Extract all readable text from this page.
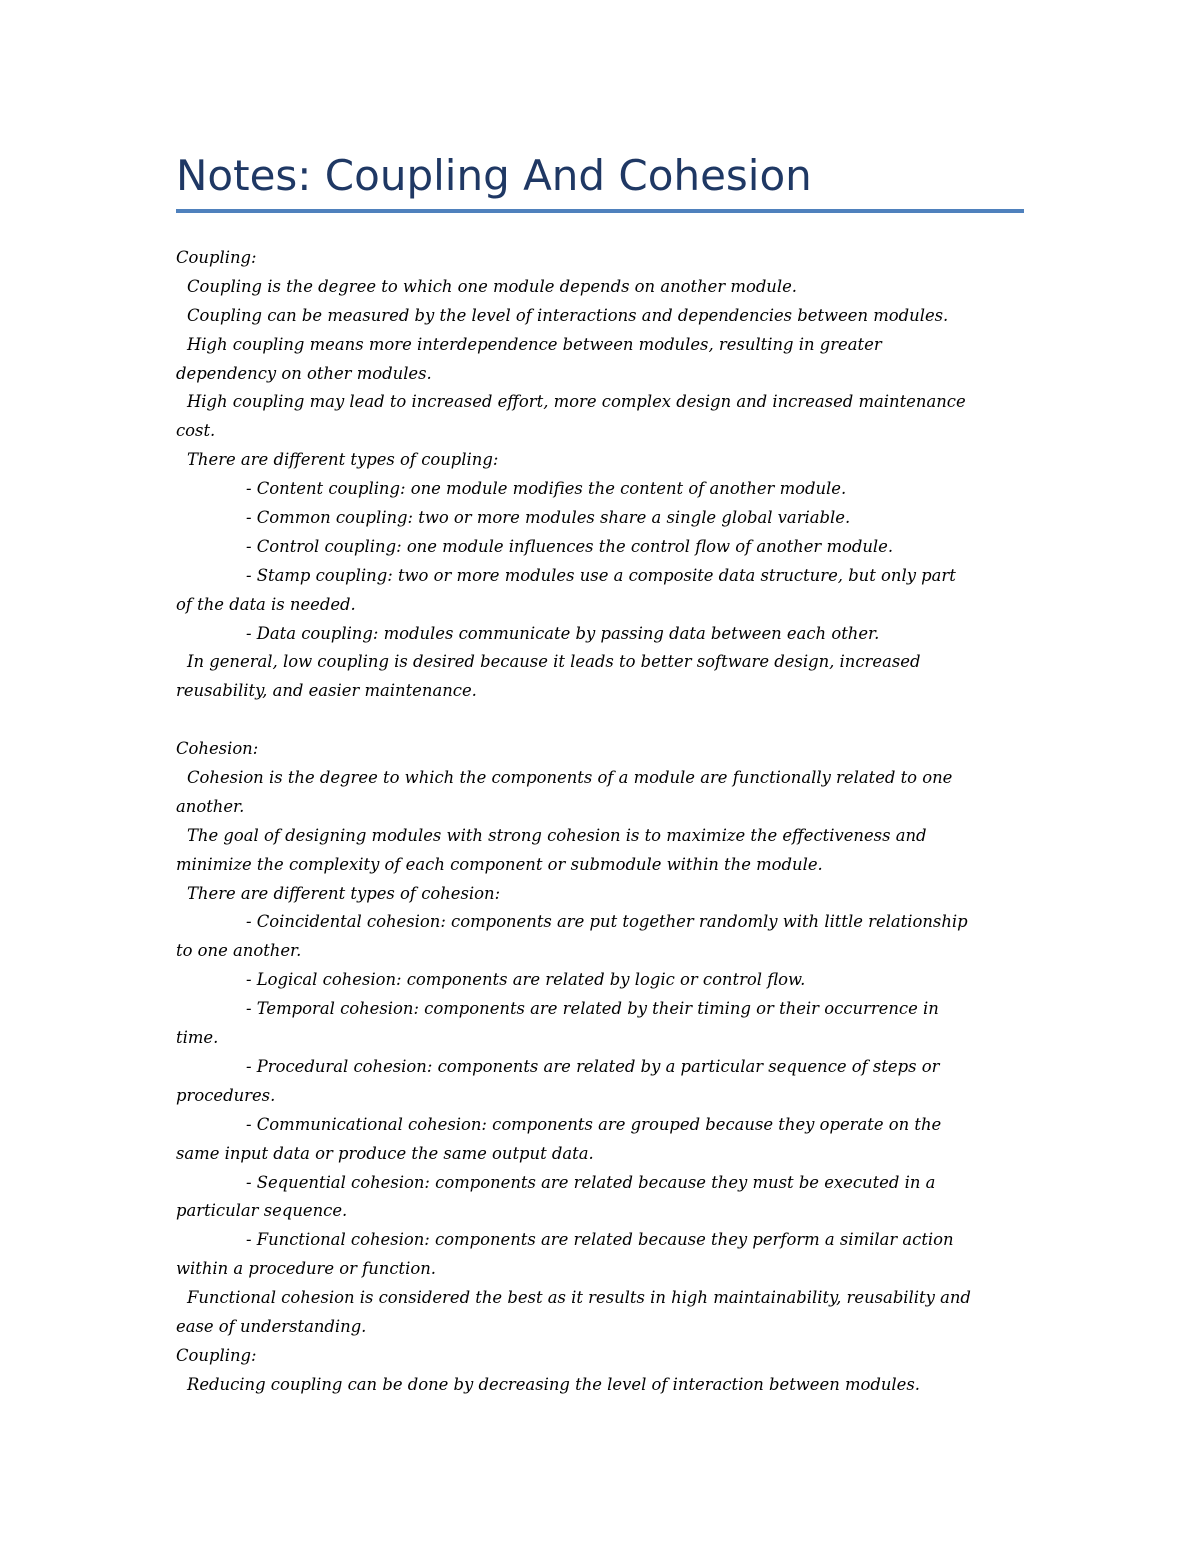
Notes: Coupling And Cohesion
Coupling:
Coupling is the degree to which one module depends on another module.
Coupling can be measured by the level of interactions and dependencies between modules.
High coupling means more interdependence between modules, resulting in greater
dependency on other modules.
High coupling may lead to increased effort, more complex design and increased maintenance
cost.
There are different types of coupling:
- Content coupling: one module modifies the content of another module.
- Common coupling: two or more modules share a single global variable.
- Control coupling: one module influences the control flow of another module.
- Stamp coupling: two or more modules use a composite data structure, but only part
of the data is needed.
- Data coupling: modules communicate by passing data between each other.
In general, low coupling is desired because it leads to better software design, increased
reusability, and easier maintenance.
Cohesion:
Cohesion is the degree to which the components of a module are functionally related to one
another.
The goal of designing modules with strong cohesion is to maximize the effectiveness and
minimize the complexity of each component or submodule within the module.
There are different types of cohesion:
- Coincidental cohesion: components are put together randomly with little relationship
to one another.
- Logical cohesion: components are related by logic or control flow.
- Temporal cohesion: components are related by their timing or their occurrence in
time.
- Procedural cohesion: components are related by a particular sequence of steps or
procedures.
- Communicational cohesion: components are grouped because they operate on the
same input data or produce the same output data.
- Sequential cohesion: components are related because they must be executed in a
particular sequence.
- Functional cohesion: components are related because they perform a similar action
within a procedure or function.
Functional cohesion is considered the best as it results in high maintainability, reusability and
ease of understanding.
Coupling:
Reducing coupling can be done by decreasing the level of interaction between modules.
